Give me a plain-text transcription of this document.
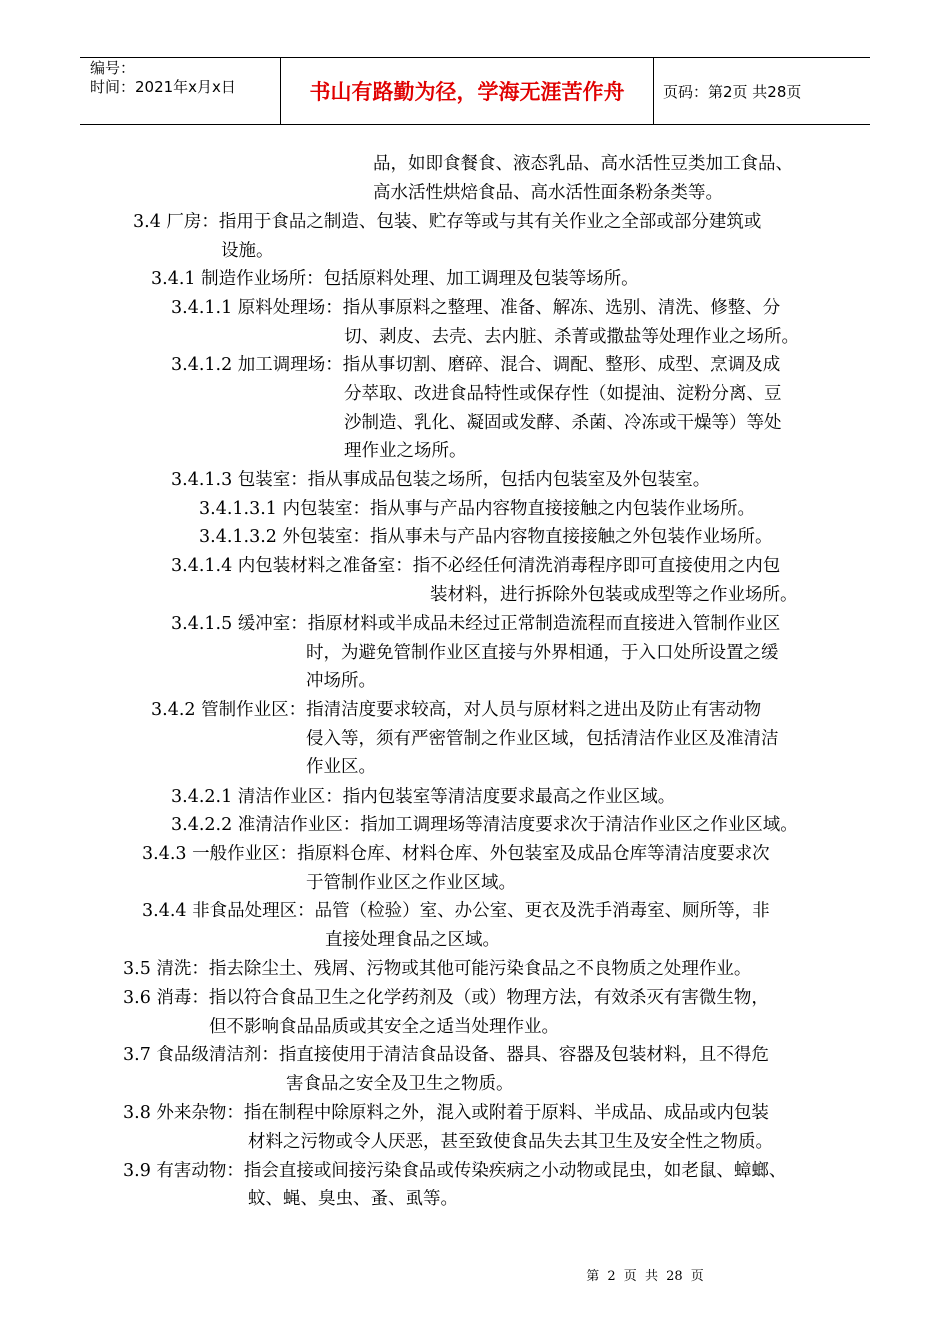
编号：
时间：2021年x月x日	书山有路勤为径，学海无涯苦作舟	页码：第2页 共28页
品，如即食餐食、液态乳品、高水活性豆类加工食品、
高水活性烘焙食品、高水活性面条粉条类等。
3.4 厂房：指用于食品之制造、包装、贮存等或与其有关作业之全部或部分建筑或
设施。
3.4.1 制造作业场所：包括原料处理、加工调理及包装等场所。
3.4.1.1 原料处理场：指从事原料之整理、准备、解冻、选别、清洗、修整、分
切、剥皮、去壳、去内脏、杀菁或撒盐等处理作业之场所。
3.4.1.2 加工调理场：指从事切割、磨碎、混合、调配、整形、成型、烹调及成
分萃取、改进食品特性或保存性（如提油、淀粉分离、豆
沙制造、乳化、凝固或发酵、杀菌、冷冻或干燥等）等处
理作业之场所。
3.4.1.3 包装室：指从事成品包装之场所，包括内包装室及外包装室。
3.4.1.3.1 内包装室：指从事与产品内容物直接接触之内包装作业场所。
3.4.1.3.2 外包装室：指从事未与产品内容物直接接触之外包装作业场所。
3.4.1.4 内包装材料之准备室：指不必经任何清洗消毒程序即可直接使用之内包
装材料，进行拆除外包装或成型等之作业场所。
3.4.1.5 缓冲室：指原材料或半成品未经过正常制造流程而直接进入管制作业区
时，为避免管制作业区直接与外界相通，于入口处所设置之缓
冲场所。
3.4.2 管制作业区：指清洁度要求较高，对人员与原材料之进出及防止有害动物
侵入等，须有严密管制之作业区域，包括清洁作业区及准清洁
作业区。
3.4.2.1 清洁作业区：指内包装室等清洁度要求最高之作业区域。
3.4.2.2 准清洁作业区：指加工调理场等清洁度要求次于清洁作业区之作业区域。
3.4.3 一般作业区：指原料仓库、材料仓库、外包装室及成品仓库等清洁度要求次
于管制作业区之作业区域。
3.4.4 非食品处理区：品管（检验）室、办公室、更衣及洗手消毒室、厕所等，非
直接处理食品之区域。
3.5 清洗：指去除尘土、残屑、污物或其他可能污染食品之不良物质之处理作业。
3.6 消毒：指以符合食品卫生之化学药剂及（或）物理方法，有效杀灭有害微生物，
但不影响食品品质或其安全之适当处理作业。
3.7 食品级清洁剂：指直接使用于清洁食品设备、器具、容器及包装材料，且不得危
害食品之安全及卫生之物质。
3.8 外来杂物：指在制程中除原料之外，混入或附着于原料、半成品、成品或内包装
材料之污物或令人厌恶，甚至致使食品失去其卫生及安全性之物质。
3.9 有害动物：指会直接或间接污染食品或传染疾病之小动物或昆虫，如老鼠、蟑螂、
蚊、蝇、臭虫、蚤、虱等。
第 2 页 共 28 页
